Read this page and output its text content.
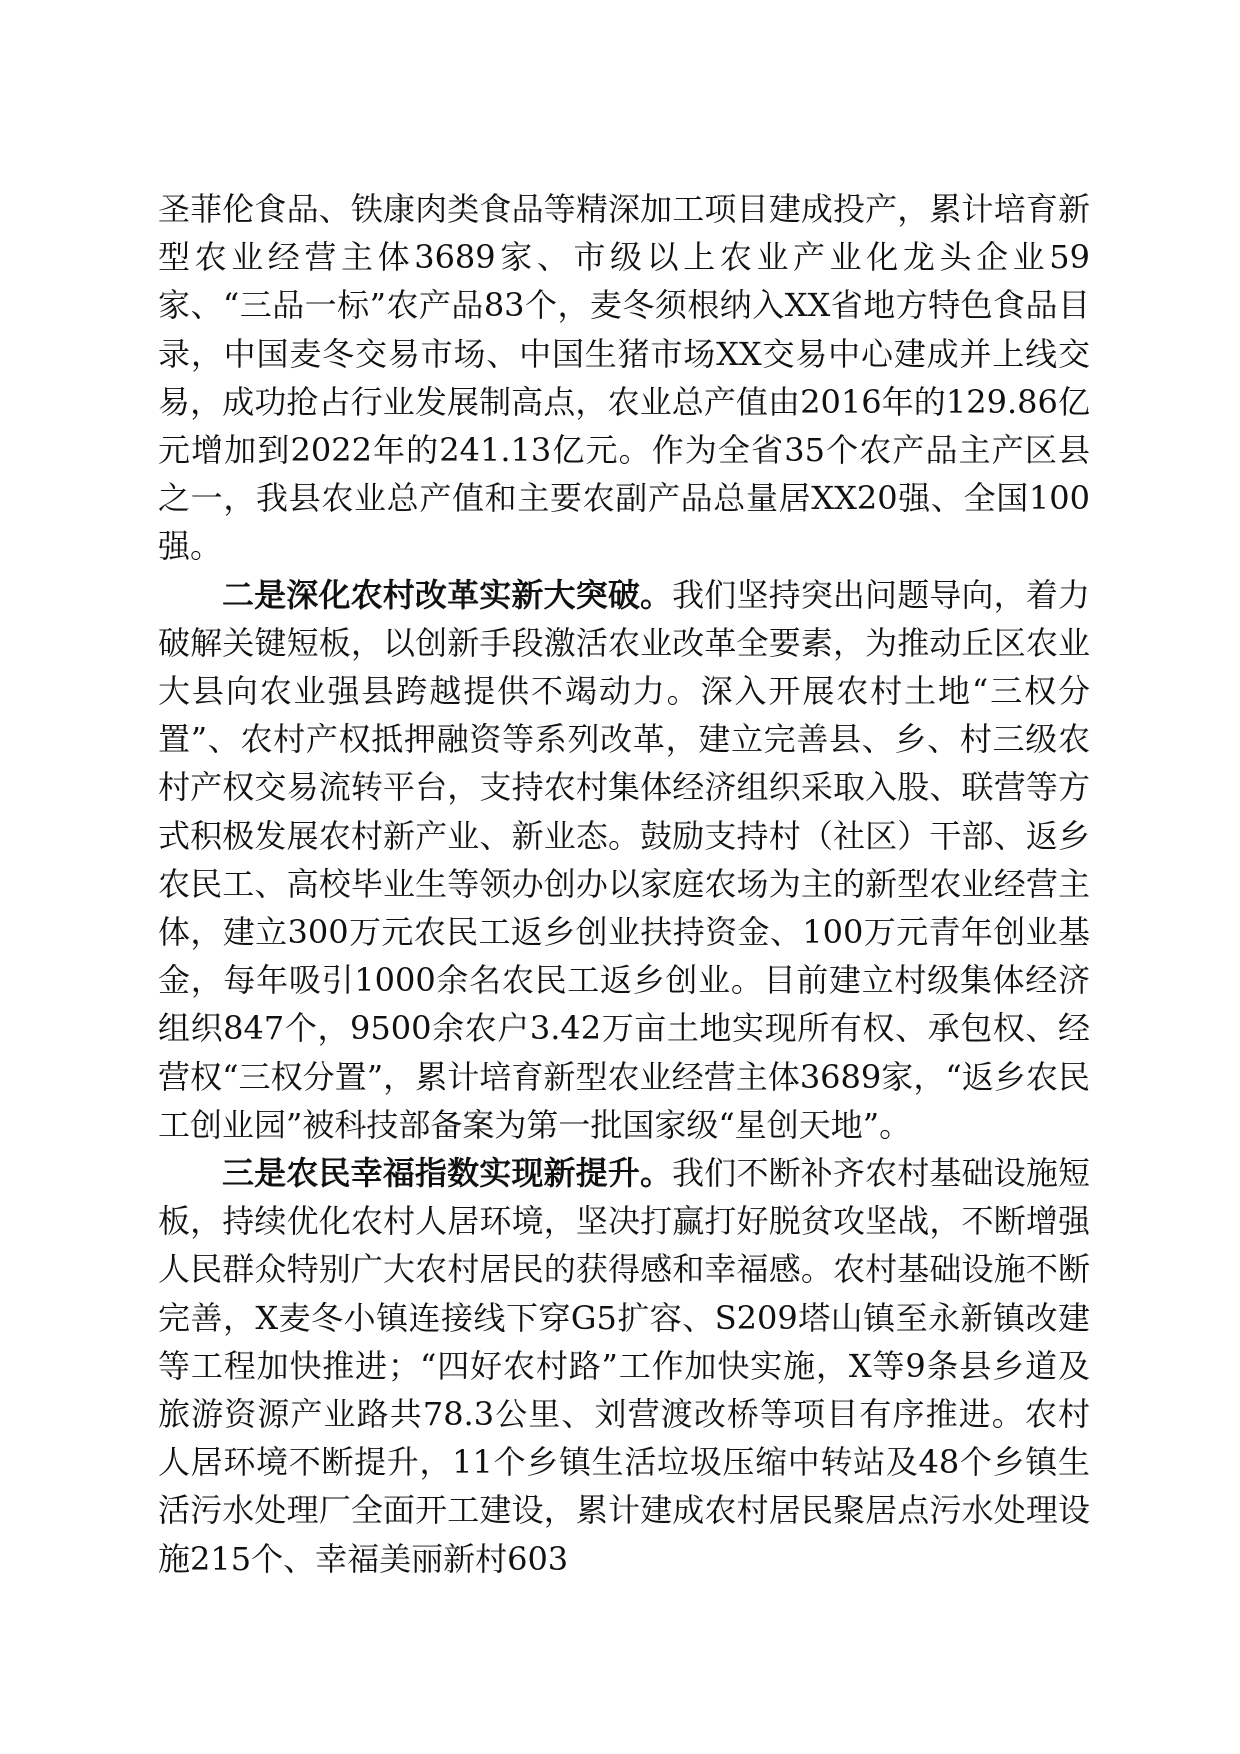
圣菲伦食品、铁康肉类食品等精深加工项目建成投产，累计培育新型农业经营主体3689家、市级以上农业产业化龙头企业59家、“三品一标”农产品83个，麦冬须根纳入XX省地方特色食品目录，中国麦冬交易市场、中国生猪市场XX交易中心建成并上线交易，成功抢占行业发展制高点，农业总产值由2016年的129.86亿元增加到2022年的241.13亿元。作为全省35个农产品主产区县之一，我县农业总产值和主要农副产品总量居XX20强、全国100强。

二是深化农村改革实新大突破。我们坚持突出问题导向，着力破解关键短板，以创新手段激活农业改革全要素，为推动丘区农业大县向农业强县跨越提供不竭动力。深入开展农村土地“三权分置”、农村产权抵押融资等系列改革，建立完善县、乡、村三级农村产权交易流转平台，支持农村集体经济组织采取入股、联营等方式积极发展农村新产业、新业态。鼓励支持村（社区）干部、返乡农民工、高校毕业生等领办创办以家庭农场为主的新型农业经营主体，建立300万元农民工返乡创业扶持资金、100万元青年创业基金，每年吸引1000余名农民工返乡创业。目前建立村级集体经济组织847个，9500余农户3.42万亩土地实现所有权、承包权、经营权“三权分置”，累计培育新型农业经营主体3689家，“返乡农民工创业园”被科技部备案为第一批国家级“星创天地”。

三是农民幸福指数实现新提升。我们不断补齐农村基础设施短板，持续优化农村人居环境，坚决打赢打好脱贫攻坚战，不断增强人民群众特别广大农村居民的获得感和幸福感。农村基础设施不断完善，X麦冬小镇连接线下穿G5扩容、S209塔山镇至永新镇改建等工程加快推进；“四好农村路”工作加快实施，X等9条县乡道及旅游资源产业路共78.3公里、刘营渡改桥等项目有序推进。农村人居环境不断提升，11个乡镇生活垃圾压缩中转站及48个乡镇生活污水处理厂全面开工建设，累计建成农村居民聚居点污水处理设施215个、幸福美丽新村603
